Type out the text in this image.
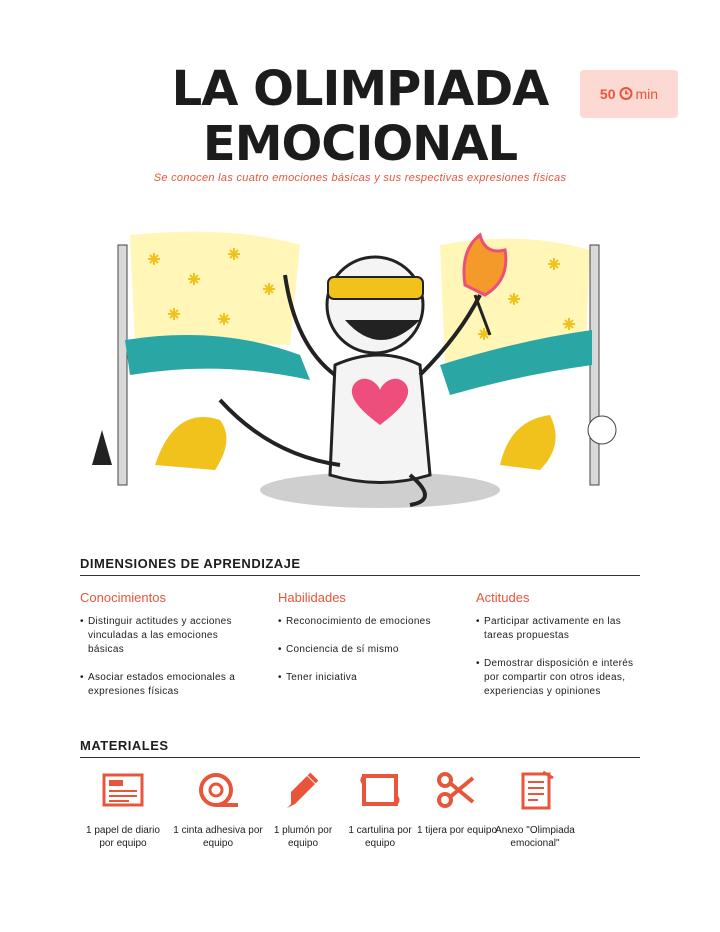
LA OLIMPIADA
EMOCIONAL
50 min
Se conocen las cuatro emociones básicas y sus respectivas expresiones físicas
DIMENSIONES DE APRENDIZAJE
Conocimientos
• Distinguir actitudes y acciones vinculadas a las emociones básicas
• Asociar estados emocionales a expresiones físicas
Habilidades
• Reconocimiento de emociones
• Conciencia de sí mismo
• Tener iniciativa
Actitudes
• Participar activamente en las tareas propuestas
• Demostrar disposición e interés por compartir con otros ideas, experiencias y opiniones
MATERIALES
1 papel de diario por equipo
1 cinta adhesiva por equipo
1 plumón por equipo
1 cartulina por equipo
1 tijera por equipo
Anexo "Olimpiada emocional"
